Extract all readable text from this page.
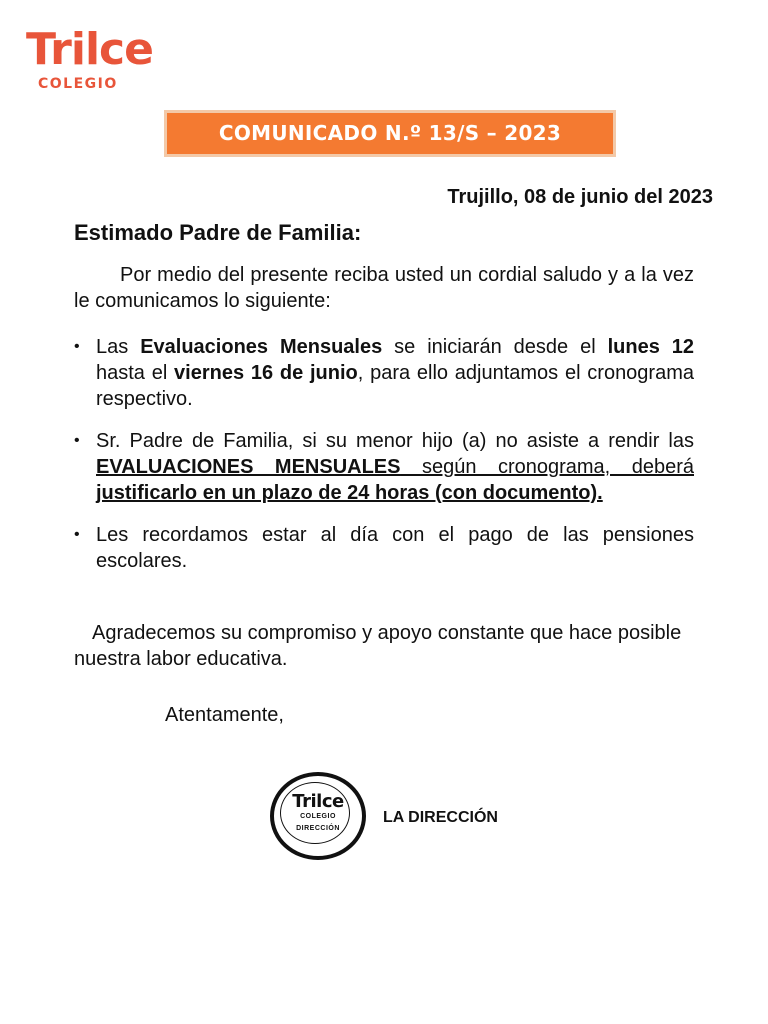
Trilce
COLEGIO
COMUNICADO N.º 13/S – 2023
Trujillo, 08 de junio del 2023
Estimado Padre de Familia:
Por medio del presente reciba usted un cordial saludo y a la vez le comunicamos lo siguiente:
• Las Evaluaciones Mensuales se iniciarán desde el lunes 12 hasta el viernes 16 de junio, para ello adjuntamos el cronograma respectivo.
• Sr. Padre de Familia, si su menor hijo (a) no asiste a rendir las EVALUACIONES MENSUALES según cronograma, deberá justificarlo en un plazo de 24 horas (con documento).
• Les recordamos estar al día con el pago de las pensiones escolares.
Agradecemos su compromiso y apoyo constante que hace posible nuestra labor educativa.
Atentamente,
Trilce
COLEGIO
DIRECCIÓN
LA DIRECCIÓN
